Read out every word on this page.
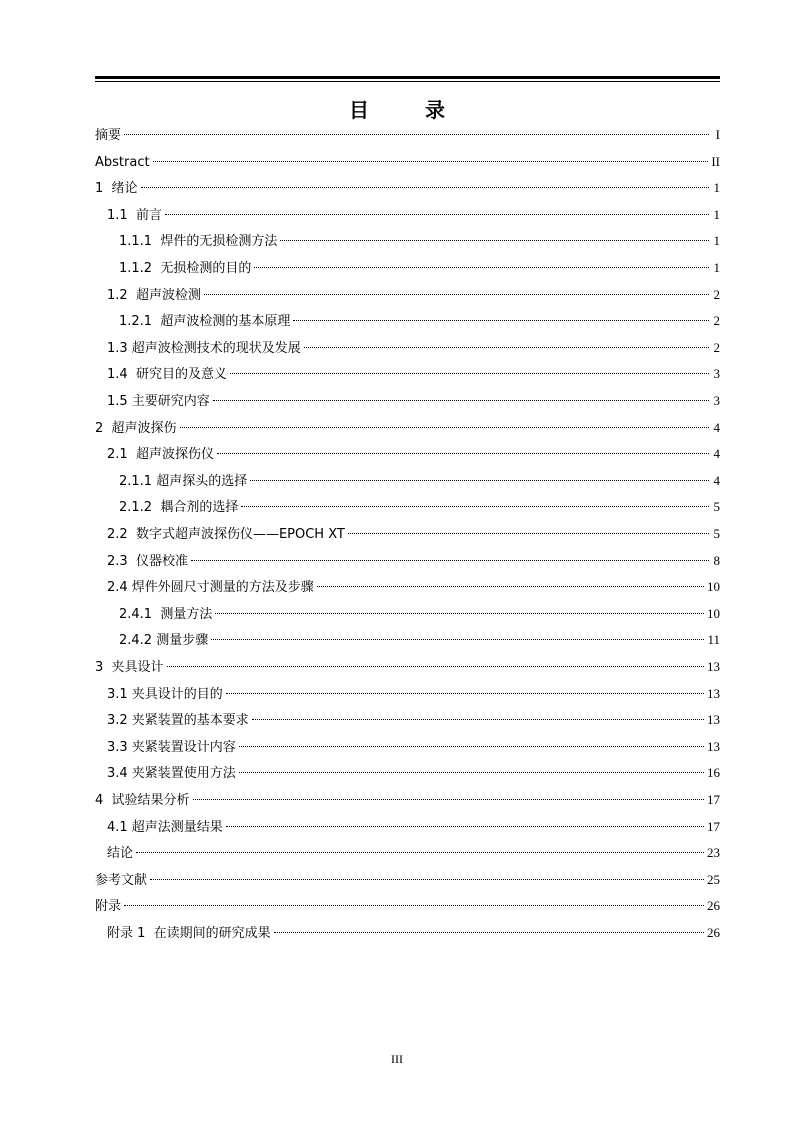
目	录
摘要	I
Abstract	II
1  绪论	1
1.1  前言	1
1.1.1  焊件的无损检测方法	1
1.1.2  无损检测的目的	1
1.2  超声波检测	2
1.2.1  超声波检测的基本原理	2
1.3 超声波检测技术的现状及发展	2
1.4  研究目的及意义	3
1.5 主要研究内容	3
2  超声波探伤	4
2.1  超声波探伤仪	4
2.1.1 超声探头的选择	4
2.1.2  耦合剂的选择	5
2.2  数字式超声波探伤仪——EPOCH XT	5
2.3  仪器校准	8
2.4 焊件外圆尺寸测量的方法及步骤	10
2.4.1  测量方法	10
2.4.2 测量步骤	11
3  夹具设计	13
3.1 夹具设计的目的	13
3.2 夹紧装置的基本要求	13
3.3 夹紧装置设计内容	13
3.4 夹紧装置使用方法	16
4  试验结果分析	17
4.1 超声法测量结果	17
结论	23
参考文献	25
附录	26
附录 1  在读期间的研究成果	26
III
